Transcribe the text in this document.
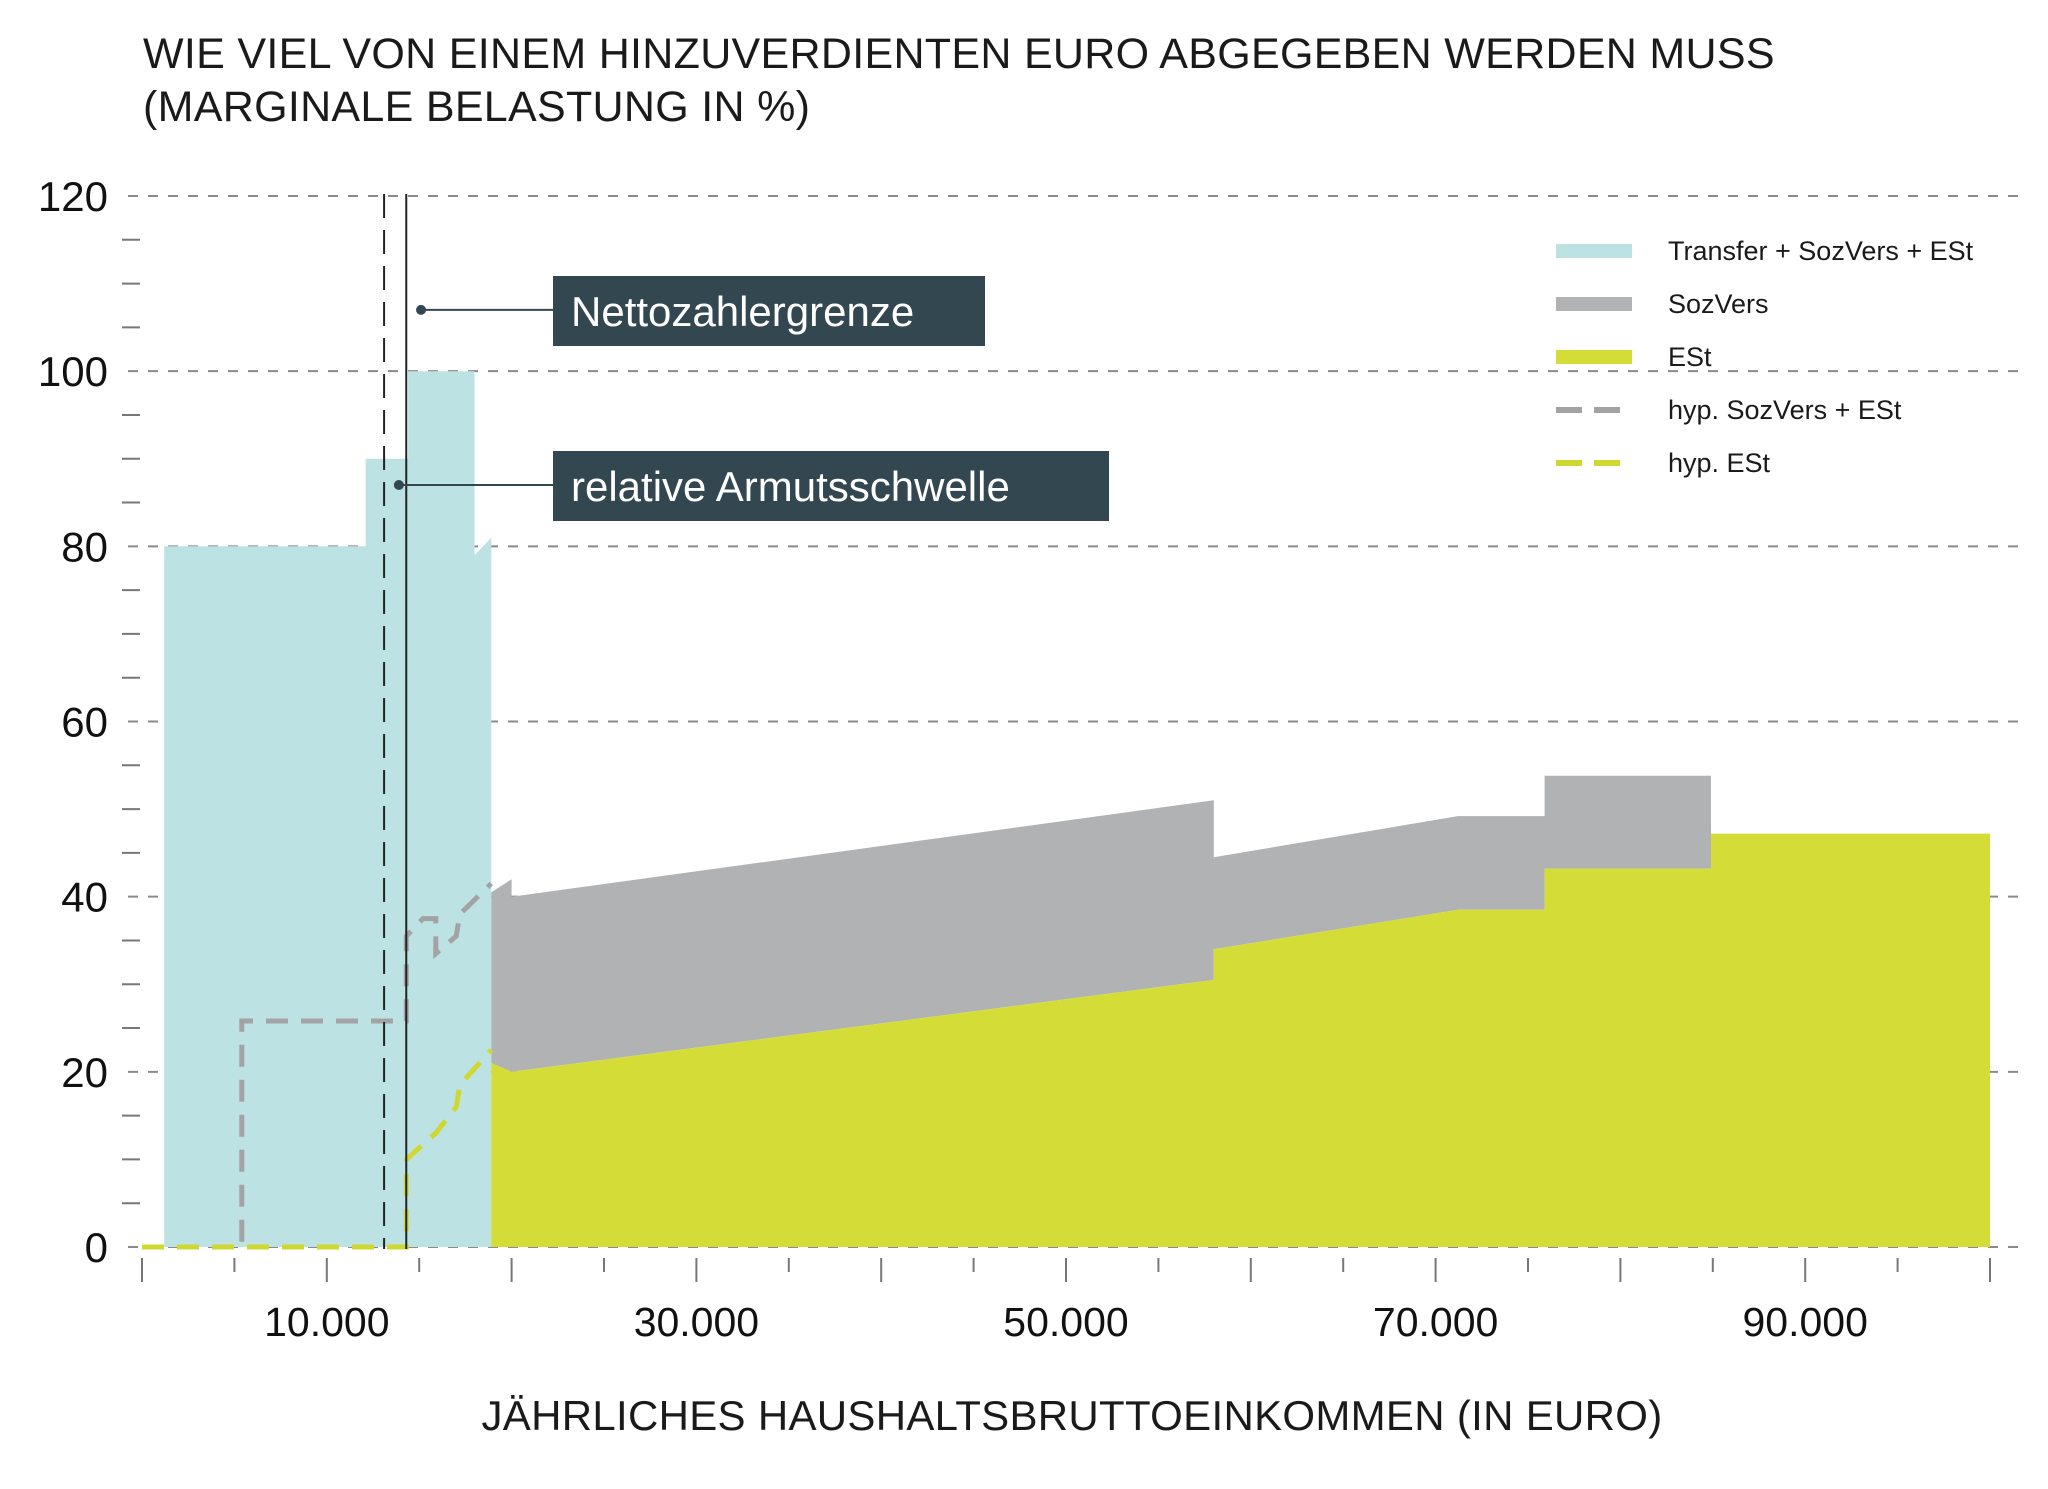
WIE VIEL VON EINEM HINZUVERDIENTEN EURO ABGEGEBEN WERDEN MUSS
(MARGINALE BELASTUNG IN %)
0
20
40
60
80
100
120
10.000	30.000	50.000	70.000	90.000
Nettozahlergrenze
relative Armutsschwelle
Transfer + SozVers + ESt
SozVers
ESt
hyp. SozVers + ESt
hyp. ESt
JÄHRLICHES HAUSHALTSBRUTTOEINKOMMEN (IN EURO)
